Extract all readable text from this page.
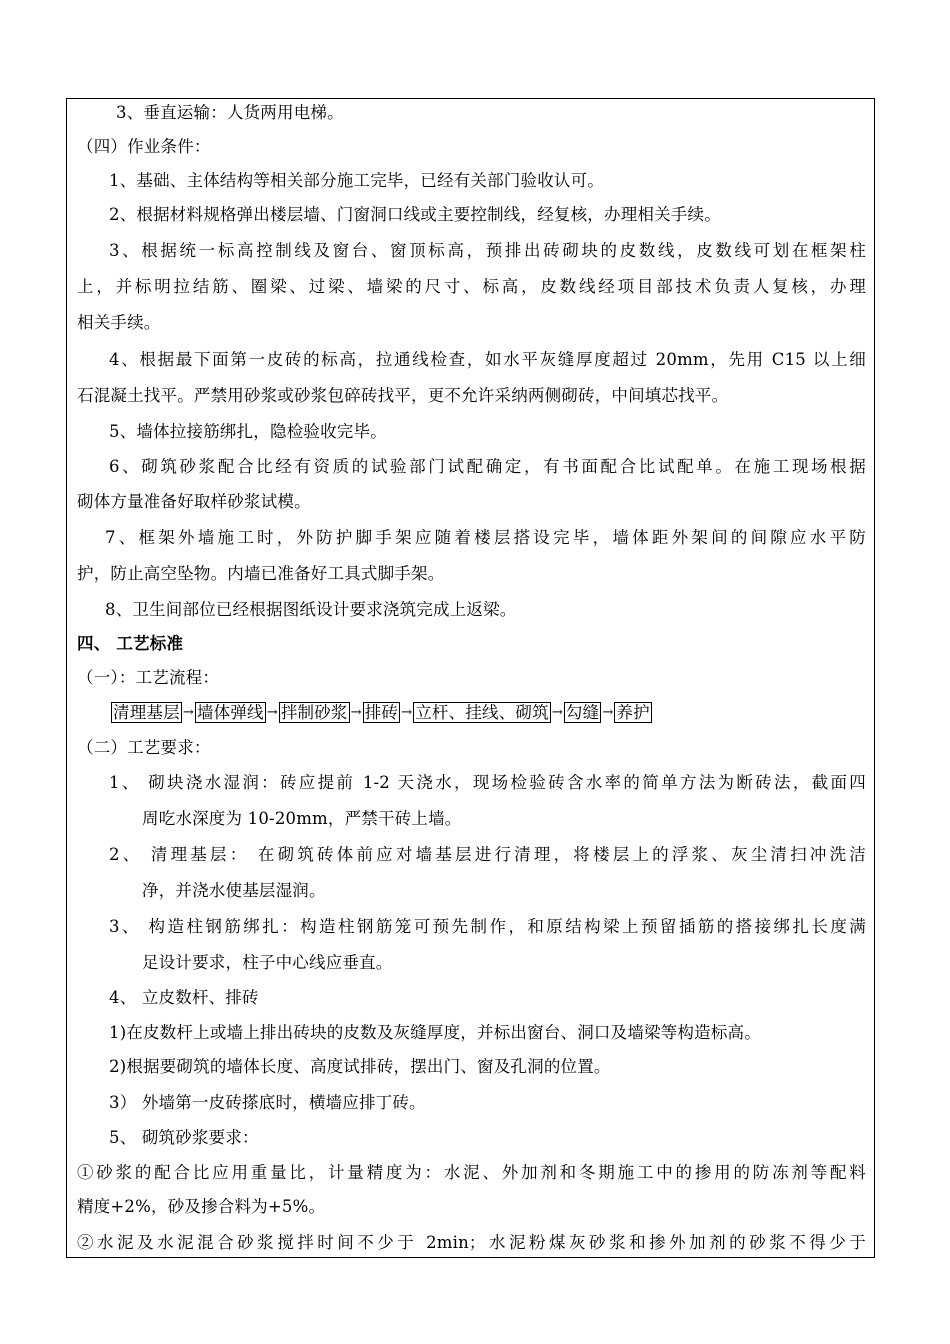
3、垂直运输：人货两用电梯。
（四）作业条件：
1、基础、主体结构等相关部分施工完毕，已经有关部门验收认可。
2、根据材料规格弹出楼层墙、门窗洞口线或主要控制线，经复核，办理相关手续。
3、根据统一标高控制线及窗台、窗顶标高，预排出砖砌块的皮数线，皮数线可划在框架柱
上，并标明拉结筋、圈梁、过梁、墙梁的尺寸、标高，皮数线经项目部技术负责人复核，办理
相关手续。
4、根据最下面第一皮砖的标高，拉通线检查，如水平灰缝厚度超过 20mm，先用 C15 以上细
石混凝土找平。严禁用砂浆或砂浆包碎砖找平，更不允许采纳两侧砌砖，中间填芯找平。
5、墙体拉接筋绑扎，隐检验收完毕。
6、砌筑砂浆配合比经有资质的试验部门试配确定，有书面配合比试配单。在施工现场根据
砌体方量准备好取样砂浆试模。
7、框架外墙施工时，外防护脚手架应随着楼层搭设完毕，墙体距外架间的间隙应水平防
护，防止高空坠物。内墙已准备好工具式脚手架。
8、卫生间部位已经根据图纸设计要求浇筑完成上返梁。
四、 工艺标准
（一）：工艺流程：
清理基层 → 墙体弹线 → 拌制砂浆 → 排砖 → 立杆、挂线、砌筑 → 勾缝 → 养护
（二）工艺要求：
1、 砌块浇水湿润：砖应提前 1-2 天浇水，现场检验砖含水率的简单方法为断砖法，截面四
周吃水深度为 10-20mm，严禁干砖上墙。
2、 清理基层： 在砌筑砖体前应对墙基层进行清理，将楼层上的浮浆、灰尘清扫冲洗洁
净，并浇水使基层湿润。
3、 构造柱钢筋绑扎：构造柱钢筋笼可预先制作，和原结构梁上预留插筋的搭接绑扎长度满
足设计要求，柱子中心线应垂直。
4、 立皮数杆、排砖
1)在皮数杆上或墙上排出砖块的皮数及灰缝厚度，并标出窗台、洞口及墙梁等构造标高。
2)根据要砌筑的墙体长度、高度试排砖，摆出门、窗及孔洞的位置。
3） 外墙第一皮砖搽底时，横墙应排丁砖。
5、 砌筑砂浆要求：
①砂浆的配合比应用重量比，计量精度为：水泥、外加剂和冬期施工中的掺用的防冻剂等配料
精度+2%，砂及掺合料为+5%。
②水泥及水泥混合砂浆搅拌时间不少于 2min；水泥粉煤灰砂浆和掺外加剂的砂浆不得少于
